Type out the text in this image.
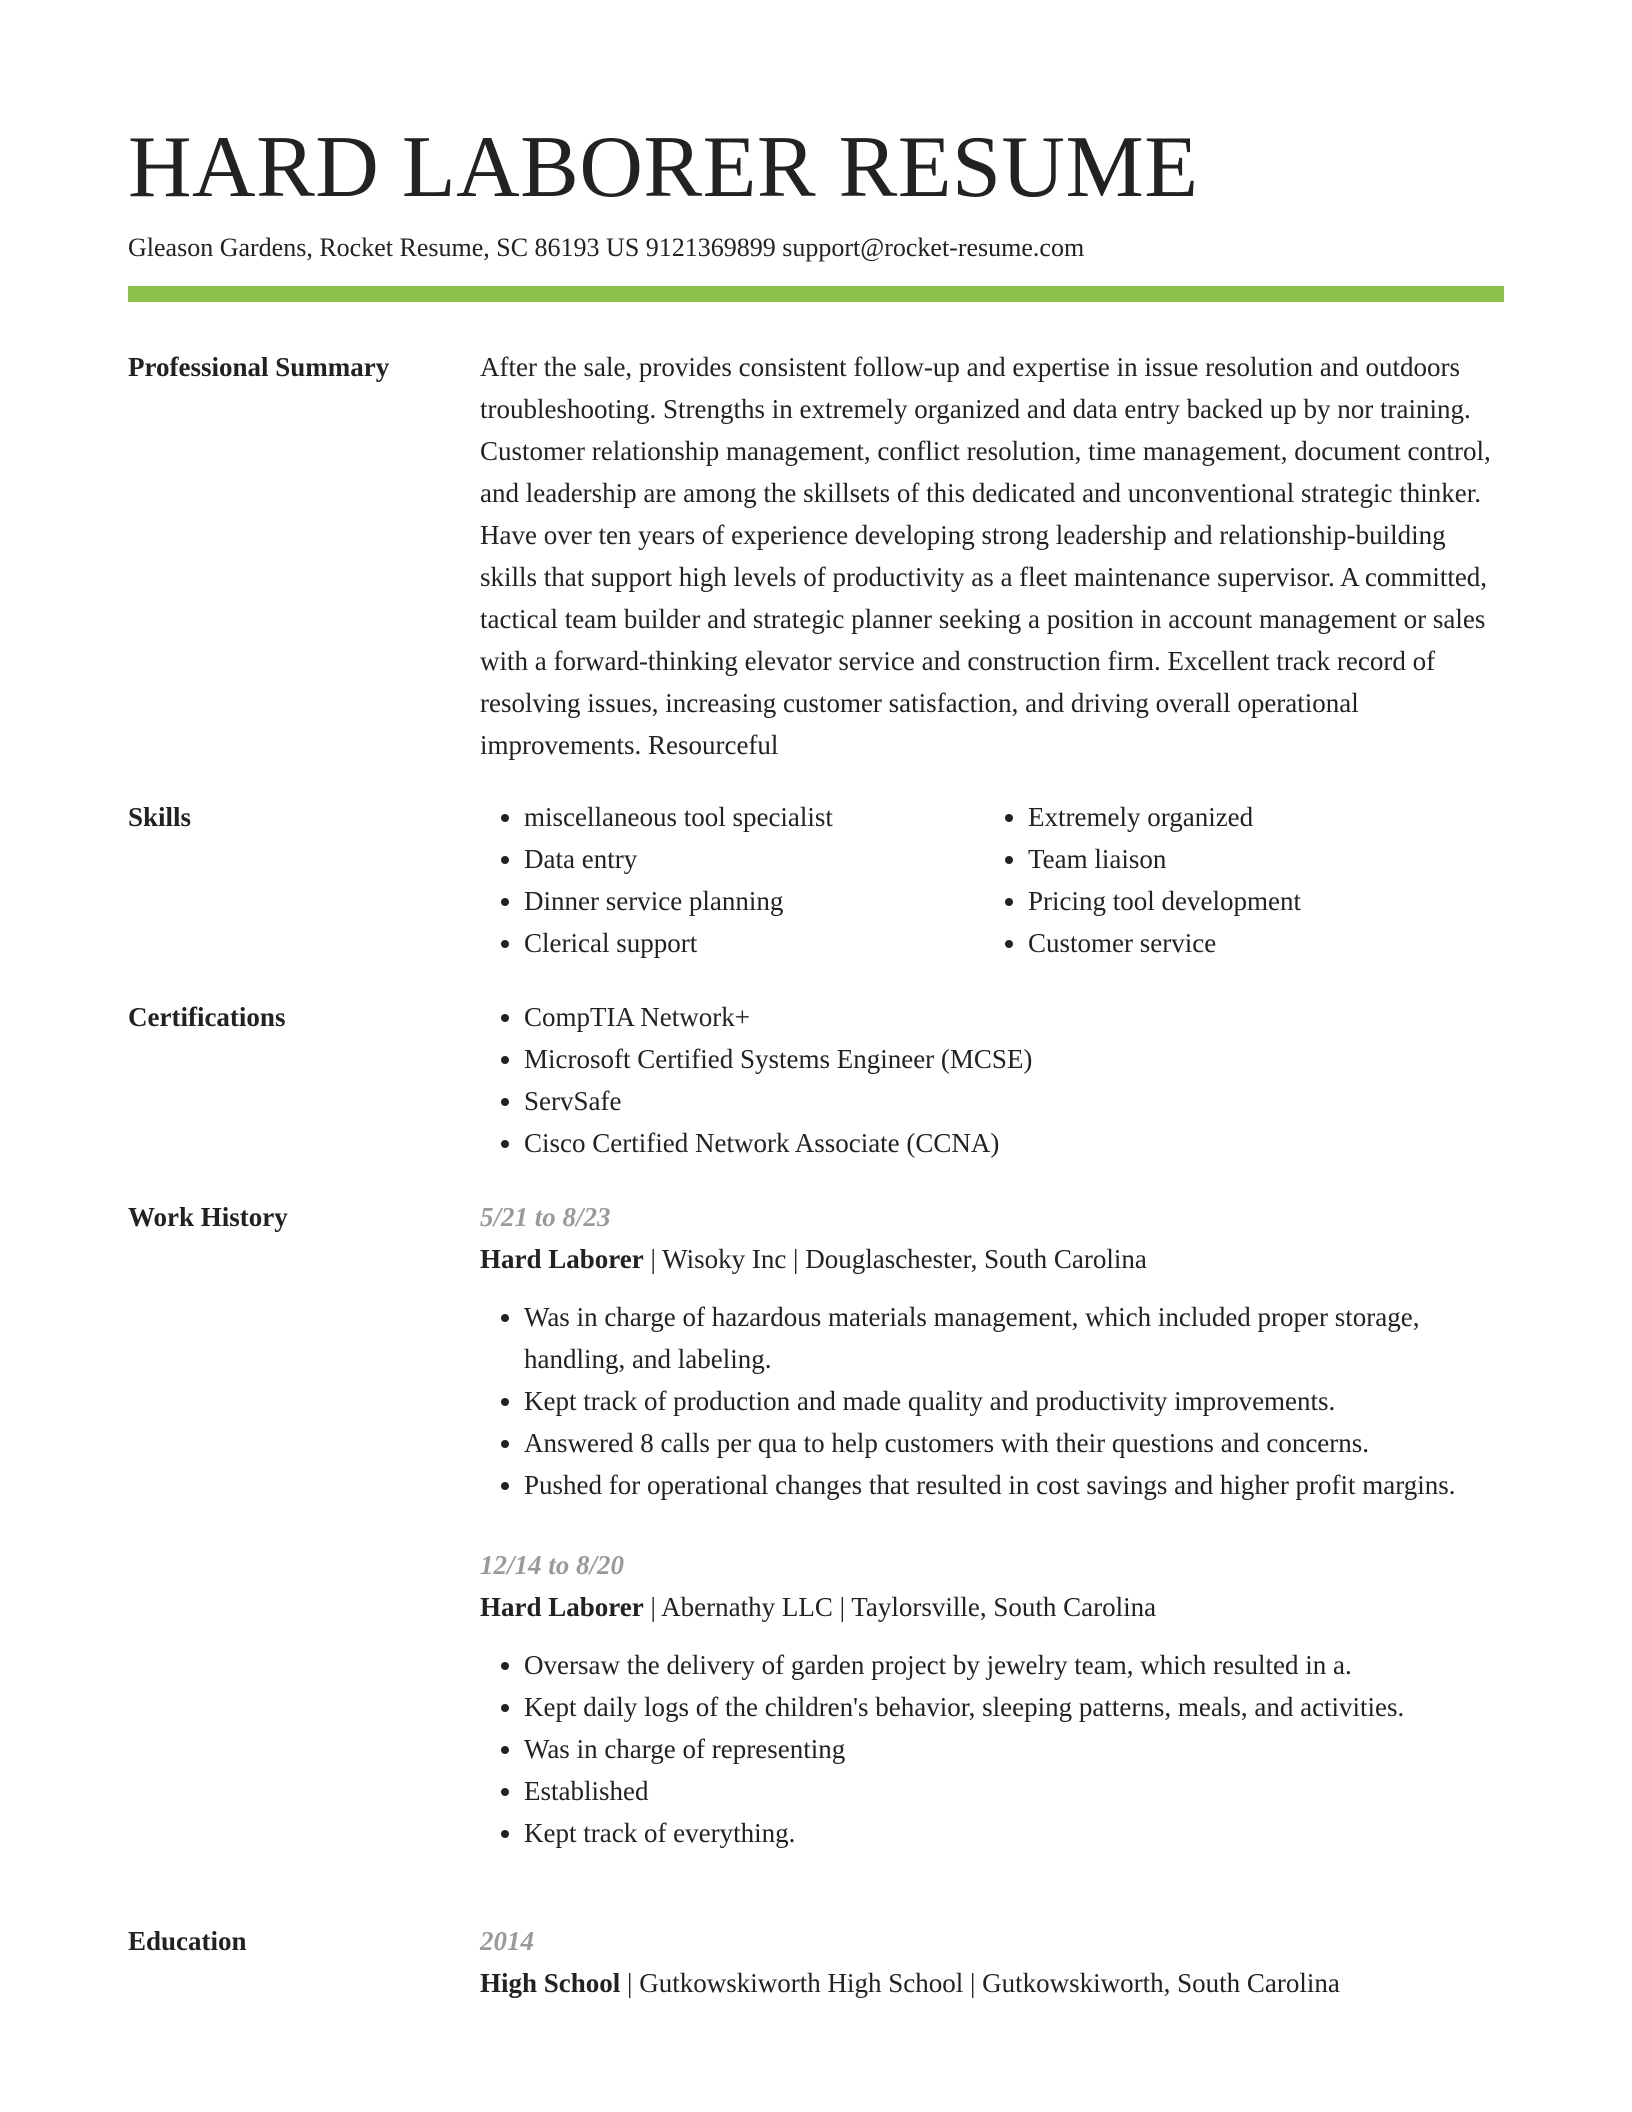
HARD LABORER RESUME
Gleason Gardens, Rocket Resume, SC 86193 US 9121369899 support@rocket-resume.com
Professional Summary	After the sale, provides consistent follow-up and expertise in issue resolution and outdoors troubleshooting. Strengths in extremely organized and data entry backed up by nor training. Customer relationship management, conflict resolution, time management, document control, and leadership are among the skillsets of this dedicated and unconventional strategic thinker. Have over ten years of experience developing strong leadership and relationship-building skills that support high levels of productivity as a fleet maintenance supervisor. A committed, tactical team builder and strategic planner seeking a position in account management or sales with a forward-thinking elevator service and construction firm. Excellent track record of resolving issues, increasing customer satisfaction, and driving overall operational improvements. Resourceful

Skills	• miscellaneous tool specialist
• Data entry
• Dinner service planning
• Clerical support
• Extremely organized
• Team liaison
• Pricing tool development
• Customer service
Certifications	• CompTIA Network+
• Microsoft Certified Systems Engineer (MCSE)
• ServSafe
• Cisco Certified Network Associate (CCNA)
Work History	5/21 to 8/23
Hard Laborer | Wisoky Inc | Douglaschester, South Carolina
• Was in charge of hazardous materials management, which included proper storage, handling, and labeling.
• Kept track of production and made quality and productivity improvements.
• Answered 8 calls per qua to help customers with their questions and concerns.
• Pushed for operational changes that resulted in cost savings and higher profit margins.
12/14 to 8/20
Hard Laborer | Abernathy LLC | Taylorsville, South Carolina
• Oversaw the delivery of garden project by jewelry team, which resulted in a.
• Kept daily logs of the children's behavior, sleeping patterns, meals, and activities.
• Was in charge of representing
• Established
• Kept track of everything.
Education	2014
High School | Gutkowskiworth High School | Gutkowskiworth, South Carolina
